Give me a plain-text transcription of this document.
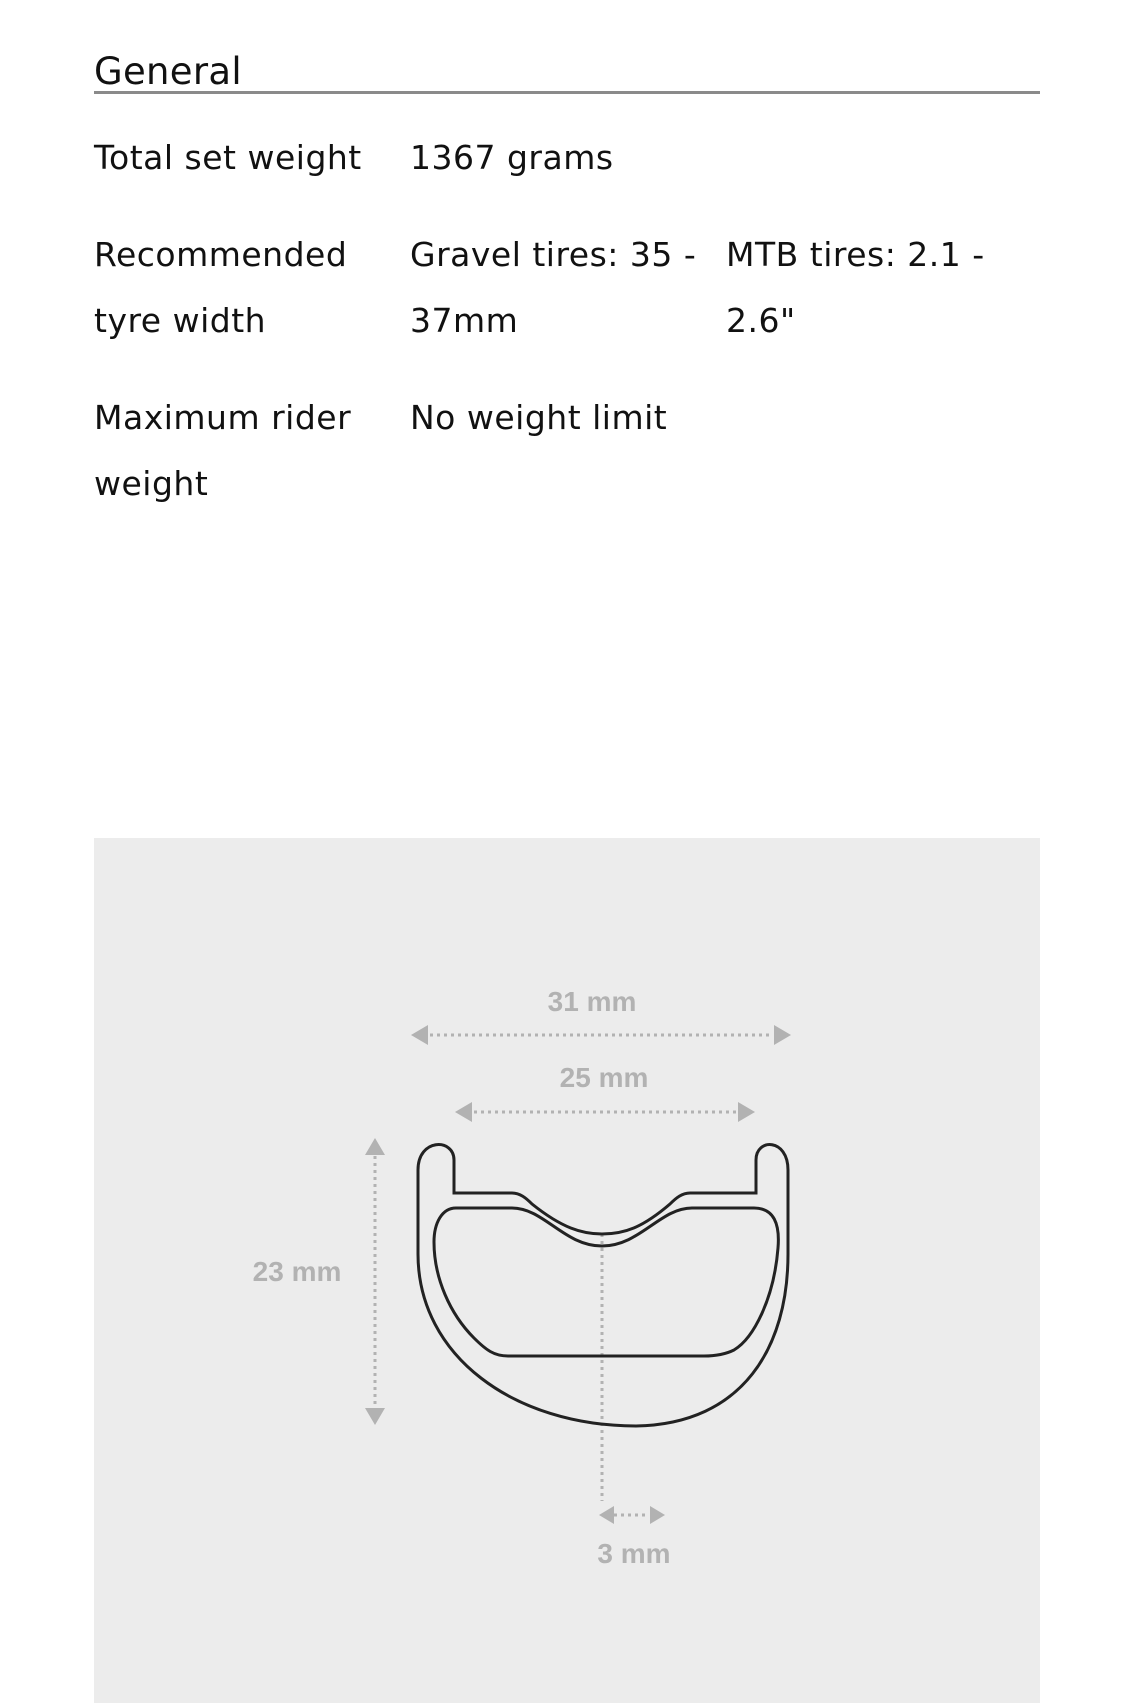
General
Total set weight	1367 grams
Recommended tyre width
Gravel tires: 35 - 37mm
MTB tires: 2.1 - 2.6"
Maximum rider weight
No weight limit
31 mm
25 mm
23 mm
3 mm
